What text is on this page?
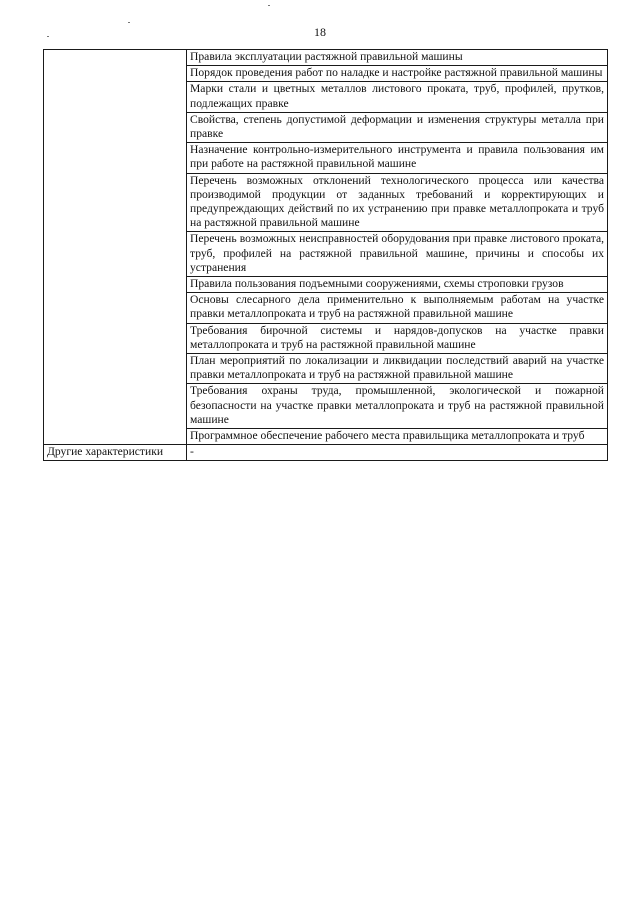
18

	Правила эксплуатации растяжной правильной машины

	Порядок проведения работ по наладке и настройке растяжной правильной машины

	Марки стали и цветных металлов листового проката, труб, профилей, прутков, подлежащих правке

	Свойства, степень допустимой деформации и изменения структуры металла при правке

	Назначение контрольно-измерительного инструмента и правила пользования им при работе на растяжной правильной машине

	Перечень возможных отклонений технологического процесса или качества производимой продукции от заданных требований и корректирующих и предупреждающих действий по их устранению при правке металлопроката и труб на растяжной правильной машине

	Перечень возможных неисправностей оборудования при правке листового проката, труб, профилей на растяжной правильной машине, причины и способы их устранения

	Правила пользования подъемными сооружениями, схемы строповки грузов

	Основы слесарного дела применительно к выполняемым работам на участке правки металлопроката и труб на растяжной правильной машине

	Требования бирочной системы и нарядов-допусков на участке правки металлопроката и труб на растяжной правильной машине

	План мероприятий по локализации и ликвидации последствий аварий на участке правки металлопроката и труб на растяжной правильной машине

	Требования охраны труда, промышленной, экологической и пожарной безопасности на участке правки металлопроката и труб на растяжной правильной машине

	Программное обеспечение рабочего места правильщика металлопроката и труб

Другие характеристики	-
